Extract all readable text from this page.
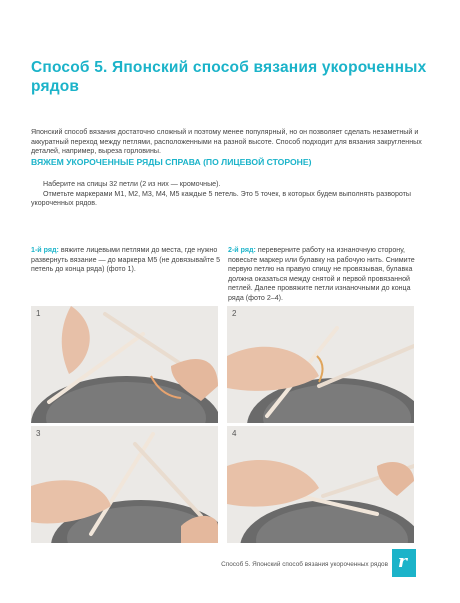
Способ 5. Японский способ вязания укороченных рядов
Японский способ вязания достаточно сложный и поэтому менее популярный, но он позволяет сделать незаметный и аккуратный переход между петлями, расположенными на разной высоте. Способ подходит для вязания закругленных деталей, например, выреза горловины.
ВЯЖЕМ УКОРОЧЕННЫЕ РЯДЫ СПРАВА (ПО ЛИЦЕВОЙ СТОРОНЕ)
Наберите на спицы 32 петли (2 из них — кромочные).
Отметьте маркерами М1, М2, М3, М4, М5 каждые 5 петель. Это 5 точек, в которых будем выполнять развороты укороченных рядов.
1-й ряд: вяжите лицевыми петлями до места, где нужно развернуть вязание — до маркера М5 (не довязывайте 5 петель до конца ряда) (фото 1).
2-й ряд: переверните работу на изнаночную сторону, повесьте маркер или булавку на рабочую нить. Снимите первую петлю на правую спицу не провязывая, булавка должна оказаться между снятой и первой провязанной петлей. Далее провяжите петли изнаночными до конца ряда (фото 2–4).
1	2
3	4
Способ 5. Японский способ вязания укороченных рядов r
